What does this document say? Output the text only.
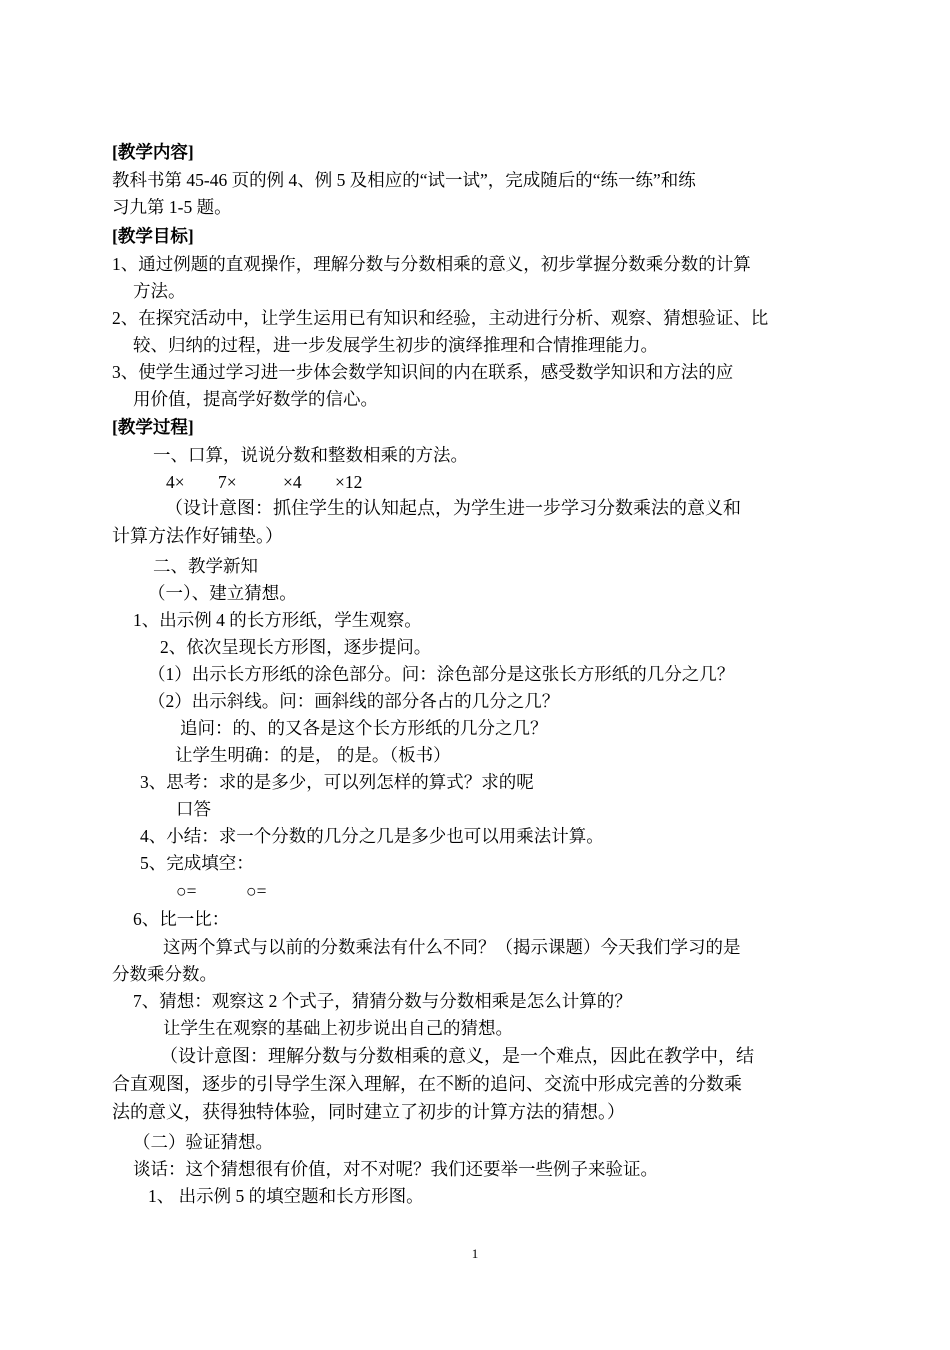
[教学内容]
教科书第 45-46 页的例 4、例 5 及相应的“试一试”，完成随后的“练一练”和练
习九第 1-5 题。
[教学目标]
1、通过例题的直观操作，理解分数与分数相乘的意义，初步掌握分数乘分数的计算
方法。
2、在探究活动中，让学生运用已有知识和经验，主动进行分析、观察、猜想验证、比
较、归纳的过程，进一步发展学生初步的演绎推理和合情推理能力。
3、使学生通过学习进一步体会数学知识间的内在联系，感受数学知识和方法的应
用价值，提高学好数学的信心。
[教学过程]
一、口算，说说分数和整数相乘的方法。
4× 7×	×4 ×12
（设计意图：抓住学生的认知起点，为学生进一步学习分数乘法的意义和
计算方法作好铺垫。）
二、教学新知
（一）、建立猜想。
1、出示例 4 的长方形纸，学生观察。
2、依次呈现长方形图，逐步提问。
（1）出示长方形纸的涂色部分。问：涂色部分是这张长方形纸的几分之几？
（2）出示斜线。问：画斜线的部分各占的几分之几？
追问：的、的又各是这个长方形纸的几分之几？
让学生明确：的是， 的是。（板书）
3、思考：求的是多少，可以列怎样的算式？求的呢
口答
4、小结：求一个分数的几分之几是多少也可以用乘法计算。
5、完成填空：
○=	○=
6、比一比：
这两个算式与以前的分数乘法有什么不同？（揭示课题）今天我们学习的是
分数乘分数。
7、猜想：观察这 2 个式子，猜猜分数与分数相乘是怎么计算的？
让学生在观察的基础上初步说出自己的猜想。
（设计意图：理解分数与分数相乘的意义，是一个难点，因此在教学中，结
合直观图，逐步的引导学生深入理解，在不断的追问、交流中形成完善的分数乘
法的意义，获得独特体验，同时建立了初步的计算方法的猜想。）
（二）验证猜想。
谈话：这个猜想很有价值，对不对呢？我们还要举一些例子来验证。
1、 出示例 5 的填空题和长方形图。
1
